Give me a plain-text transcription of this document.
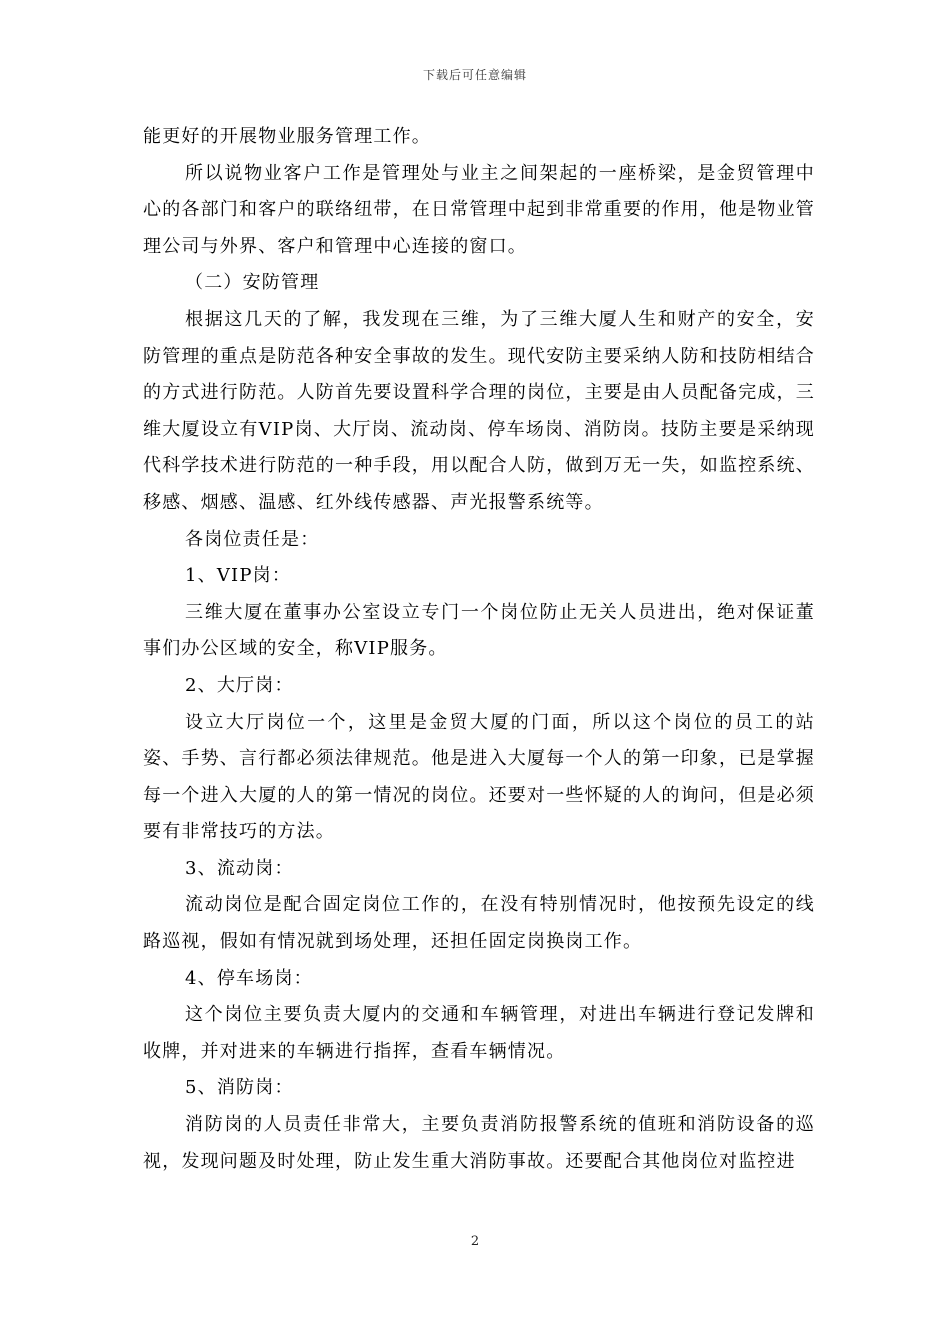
下载后可任意编辑

能更好的开展物业服务管理工作。

所以说物业客户工作是管理处与业主之间架起的一座桥梁，是金贸管理中心的各部门和客户的联络纽带，在日常管理中起到非常重要的作用，他是物业管理公司与外界、客户和管理中心连接的窗口。

（二）安防管理

根据这几天的了解，我发现在三维，为了三维大厦人生和财产的安全，安防管理的重点是防范各种安全事故的发生。现代安防主要采纳人防和技防相结合的方式进行防范。人防首先要设置科学合理的岗位，主要是由人员配备完成，三维大厦设立有VIP岗、大厅岗、流动岗、停车场岗、消防岗。技防主要是采纳现代科学技术进行防范的一种手段，用以配合人防，做到万无一失，如监控系统、移感、烟感、温感、红外线传感器、声光报警系统等。

各岗位责任是：

1、VIP岗：

三维大厦在董事办公室设立专门一个岗位防止无关人员进出，绝对保证董事们办公区域的安全，称VIP服务。

2、大厅岗：

设立大厅岗位一个，这里是金贸大厦的门面，所以这个岗位的员工的站姿、手势、言行都必须法律规范。他是进入大厦每一个人的第一印象，已是掌握每一个进入大厦的人的第一情况的岗位。还要对一些怀疑的人的询问，但是必须要有非常技巧的方法。

3、流动岗：

流动岗位是配合固定岗位工作的，在没有特别情况时，他按预先设定的线路巡视，假如有情况就到场处理，还担任固定岗换岗工作。

4、停车场岗：

这个岗位主要负责大厦内的交通和车辆管理，对进出车辆进行登记发牌和收牌，并对进来的车辆进行指挥，查看车辆情况。

5、消防岗：

消防岗的人员责任非常大，主要负责消防报警系统的值班和消防设备的巡视，发现问题及时处理，防止发生重大消防事故。还要配合其他岗位对监控进

2
